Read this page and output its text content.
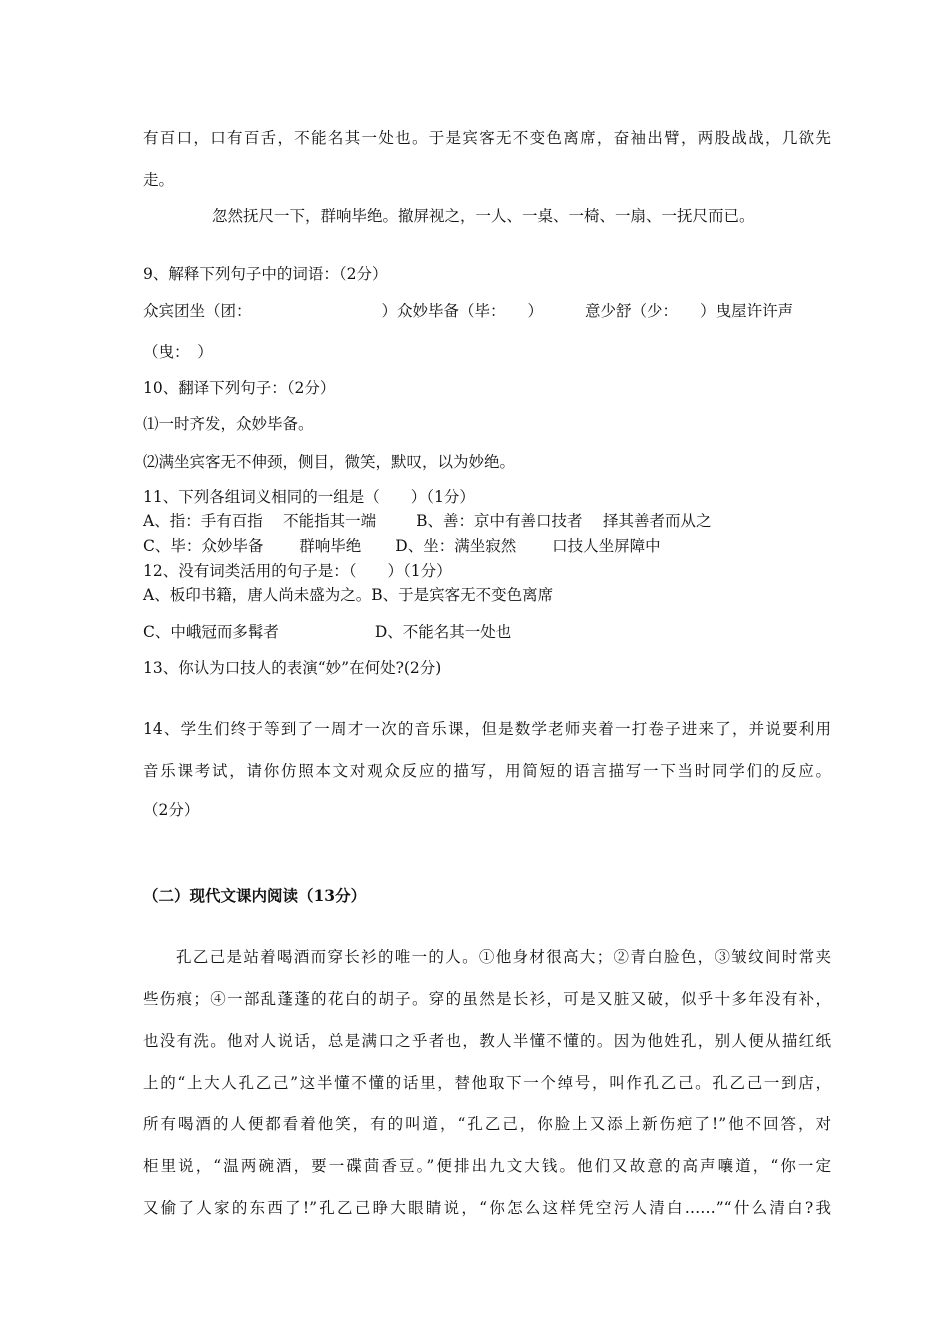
有百口，口有百舌，不能名其一处也。于是宾客无不变色离席，奋袖出臂，两股战战，几欲先
走。
忽然抚尺一下，群响毕绝。撤屏视之，一人、一桌、一椅、一扇、一抚尺而已。
9、解释下列句子中的词语：（2分）
众宾团坐（团：	）众妙毕备（毕： ）	意少舒（少： ）曳屋许许声
（曳：　）
10、翻译下列句子：（2分）
⑴一时齐发，众妙毕备。
⑵满坐宾客无不伸颈，侧目，微笑，默叹，以为妙绝。
11、下列各组词义相同的一组是（　　）（1分）
A、指：手有百指　 不能指其一端	B、善：京中有善口技者　 择其善者而从之
C、毕：众妙毕备　　 群响毕绝 D、坐：满坐寂然　　 口技人坐屏障中
12、没有词类活用的句子是：（　　）（1分）
A、板印书籍，唐人尚未盛为之。B、于是宾客无不变色离席
C、中峨冠而多髯者	D、不能名其一处也
13、你认为口技人的表演“妙”在何处?(2分)
14、学生们终于等到了一周才一次的音乐课，但是数学老师夹着一打卷子进来了，并说要利用
音乐课考试，请你仿照本文对观众反应的描写，用简短的语言描写一下当时同学们的反应。
（2分）
（二）现代文课内阅读（13分）
孔乙己是站着喝酒而穿长衫的唯一的人。①他身材很高大；②青白脸色，③皱纹间时常夹
些伤痕；④一部乱蓬蓬的花白的胡子。穿的虽然是长衫，可是又脏又破，似乎十多年没有补，
也没有洗。他对人说话，总是满口之乎者也，教人半懂不懂的。因为他姓孔，别人便从描红纸
上的“上大人孔乙己”这半懂不懂的话里，替他取下一个绰号，叫作孔乙己。孔乙己一到店，
所有喝酒的人便都看着他笑，有的叫道，“孔乙己，你脸上又添上新伤疤了!”他不回答，对
柜里说，“温两碗酒，要一碟茴香豆。”便排出九文大钱。他们又故意的高声嚷道，“你一定
又偷了人家的东西了!”孔乙己睁大眼睛说，“你怎么这样凭空污人清白……”“什么清白?我
